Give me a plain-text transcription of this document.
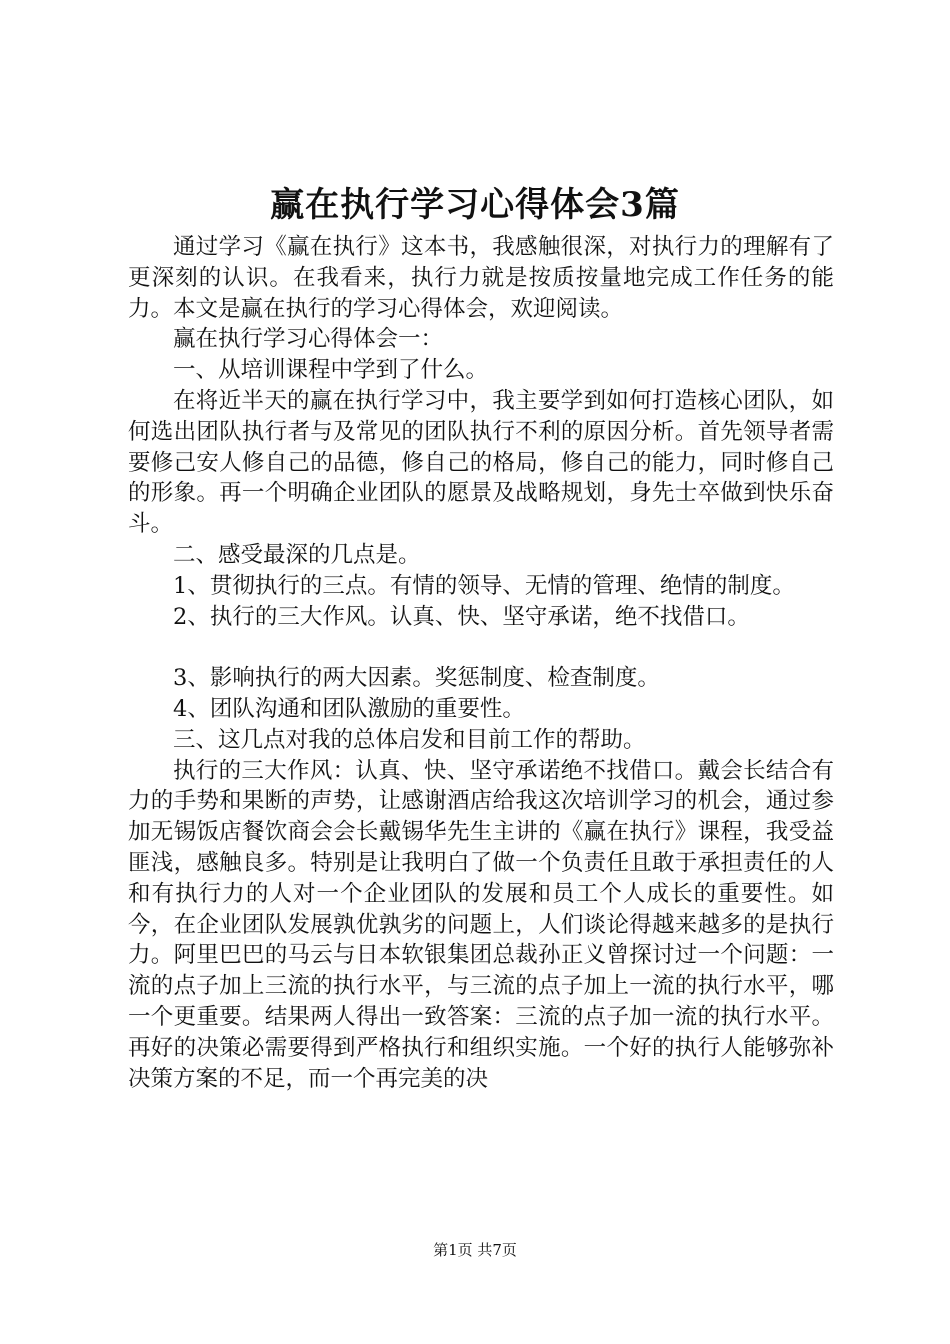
赢在执行学习心得体会3篇

通过学习《赢在执行》这本书，我感触很深，对执行力的理解有了更深刻的认识。在我看来，执行力就是按质按量地完成工作任务的能力。本文是赢在执行的学习心得体会，欢迎阅读。

赢在执行学习心得体会一：

一、从培训课程中学到了什么。

在将近半天的赢在执行学习中，我主要学到如何打造核心团队，如何选出团队执行者与及常见的团队执行不利的原因分析。首先领导者需要修己安人修自己的品德，修自己的格局，修自己的能力，同时修自己的形象。再一个明确企业团队的愿景及战略规划，身先士卒做到快乐奋斗。

二、感受最深的几点是。

1、贯彻执行的三点。有情的领导、无情的管理、绝情的制度。

2、执行的三大作风。认真、快、坚守承诺，绝不找借口。

3、影响执行的两大因素。奖惩制度、检查制度。

4、团队沟通和团队激励的重要性。

三、这几点对我的总体启发和目前工作的帮助。

执行的三大作风：认真、快、坚守承诺绝不找借口。戴会长结合有力的手势和果断的声势，让感谢酒店给我这次培训学习的机会，通过参加无锡饭店餐饮商会会长戴锡华先生主讲的《赢在执行》课程，我受益匪浅，感触良多。特别是让我明白了做一个负责任且敢于承担责任的人和有执行力的人对一个企业团队的发展和员工个人成长的重要性。如今，在企业团队发展孰优孰劣的问题上，人们谈论得越来越多的是执行力。阿里巴巴的马云与日本软银集团总裁孙正义曾探讨过一个问题：一流的点子加上三流的执行水平，与三流的点子加上一流的执行水平，哪一个更重要。结果两人得出一致答案：三流的点子加一流的执行水平。再好的决策必需要得到严格执行和组织实施。一个好的执行人能够弥补决策方案的不足，而一个再完美的决

第1页 共7页
